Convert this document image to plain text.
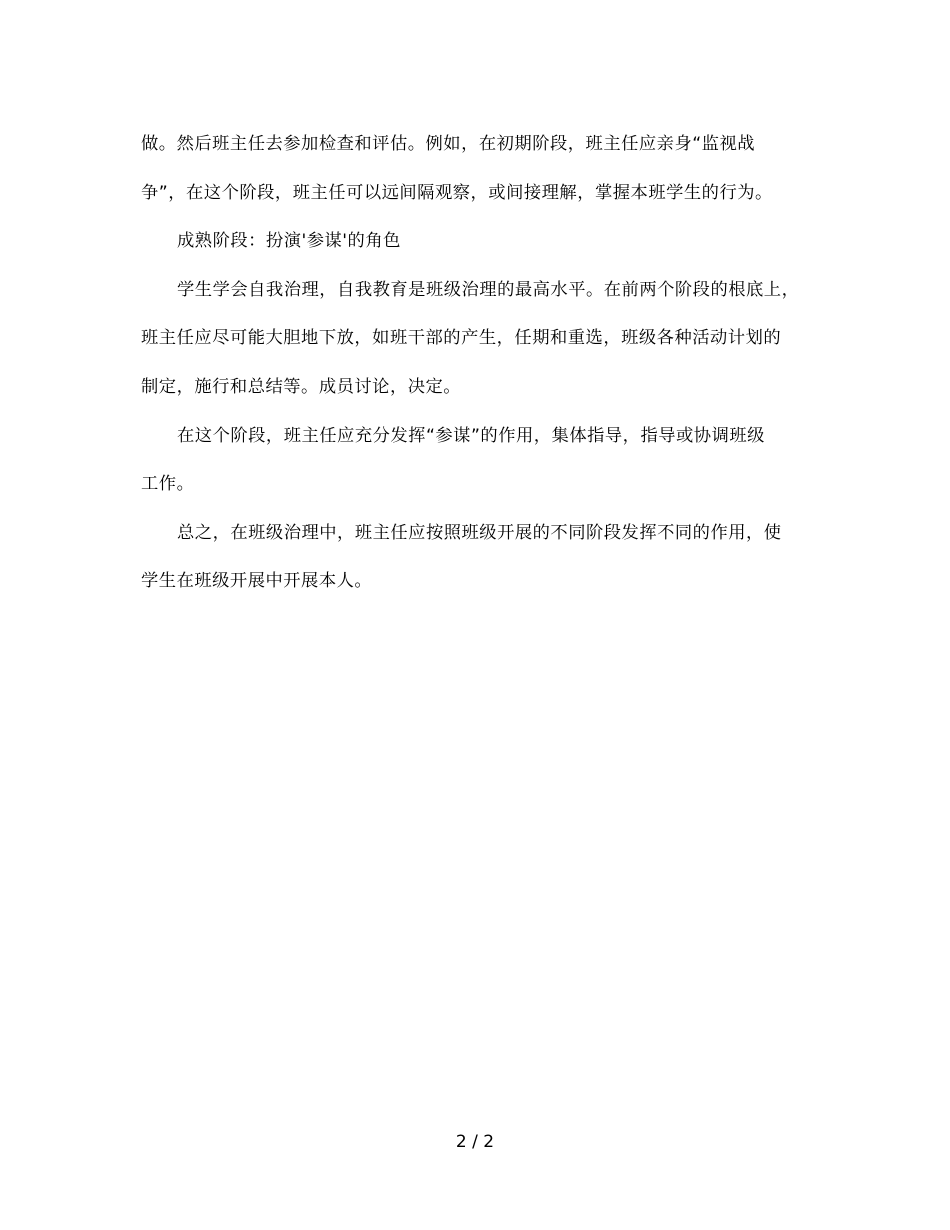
做。然后班主任去参加检查和评估。例如，在初期阶段，班主任应亲身“监视战
争”，在这个阶段，班主任可以远间隔观察，或间接理解，掌握本班学生的行为。
成熟阶段：扮演'参谋'的角色
学生学会自我治理，自我教育是班级治理的最高水平。在前两个阶段的根底上，
班主任应尽可能大胆地下放，如班干部的产生，任期和重选，班级各种活动计划的
制定，施行和总结等。成员讨论，决定。
在这个阶段，班主任应充分发挥“参谋”的作用，集体指导，指导或协调班级
工作。
总之，在班级治理中，班主任应按照班级开展的不同阶段发挥不同的作用，使
学生在班级开展中开展本人。
2 / 2
